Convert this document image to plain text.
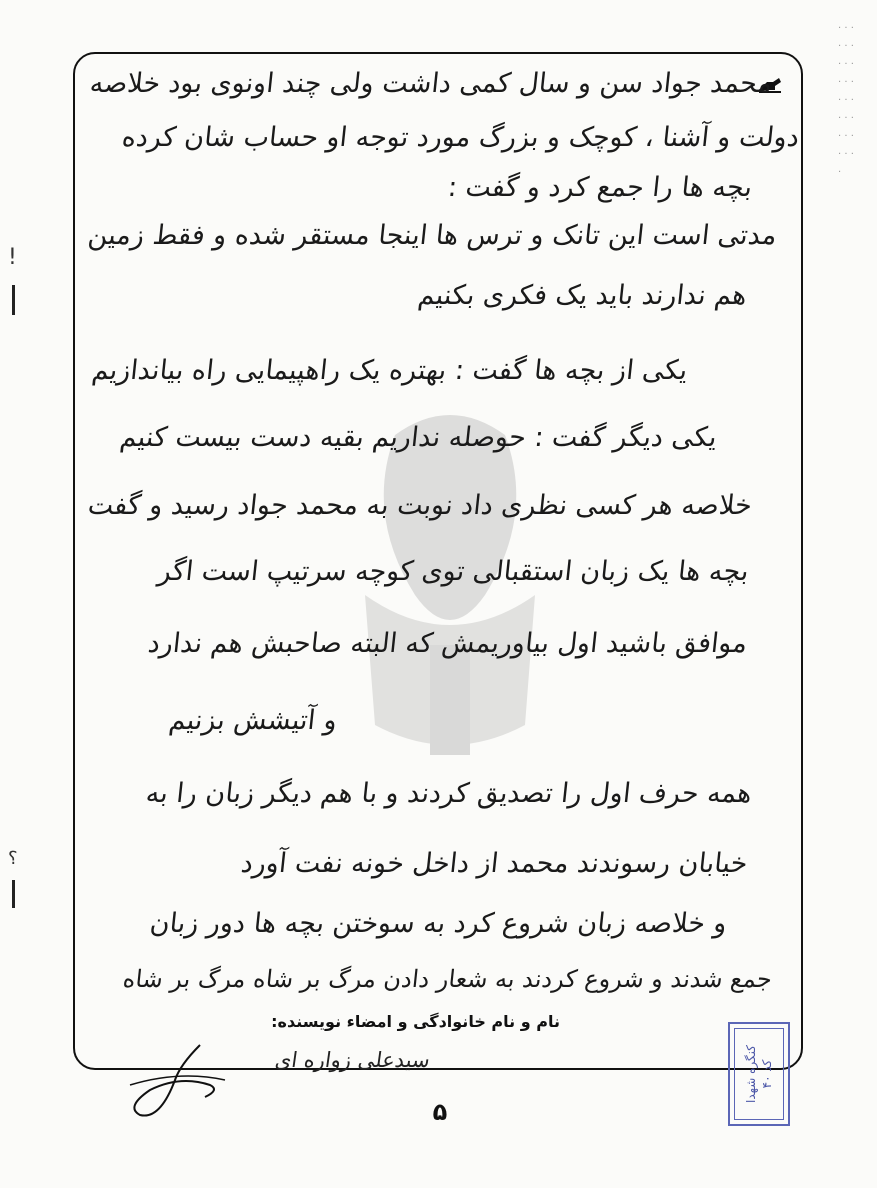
محمد جواد سن و سال کمی داشت ولی چند اونوی بود خلاصه
دولت و آشنا ، کوچک و بزرگ مورد توجه او حساب شان کرده
بچه ها را جمع کرد و گفت :
مدتی است این تانک و ترس ها اینجا مستقر شده و فقط زمین
هم ندارند باید یک فکری بکنیم
یکی از بچه ها گفت : بهتره یک راهپیمایی راه بیاندازیم
یکی دیگر گفت : حوصله نداریم بقیه دست بیست کنیم
خلاصه هر کسی نظری داد نوبت به محمد جواد رسید و گفت
بچه ها یک زبان استقبالی توی کوچه سرتیپ است اگر
موافق باشید اول بیاوریمش که البته صاحبش هم ندارد
و آتیشش بزنیم
همه حرف اول را تصدیق کردند و با هم دیگر زبان را به
خیابان رسوندند محمد از داخل خونه نفت آورد
و خلاصه زبان شروع کرد به سوختن بچه ها دور زبان
جمع شدند و شروع کردند به شعار دادن مرگ بر شاه مرگ بر شاه
نام و نام خانوادگی و امضاء نویسنده:
سیدعلی زواره ای
۵
کنگره شهدا کد ۴۰
!
؟
· · · · · · · · · · · · · · · · · · · · · · · · ·
